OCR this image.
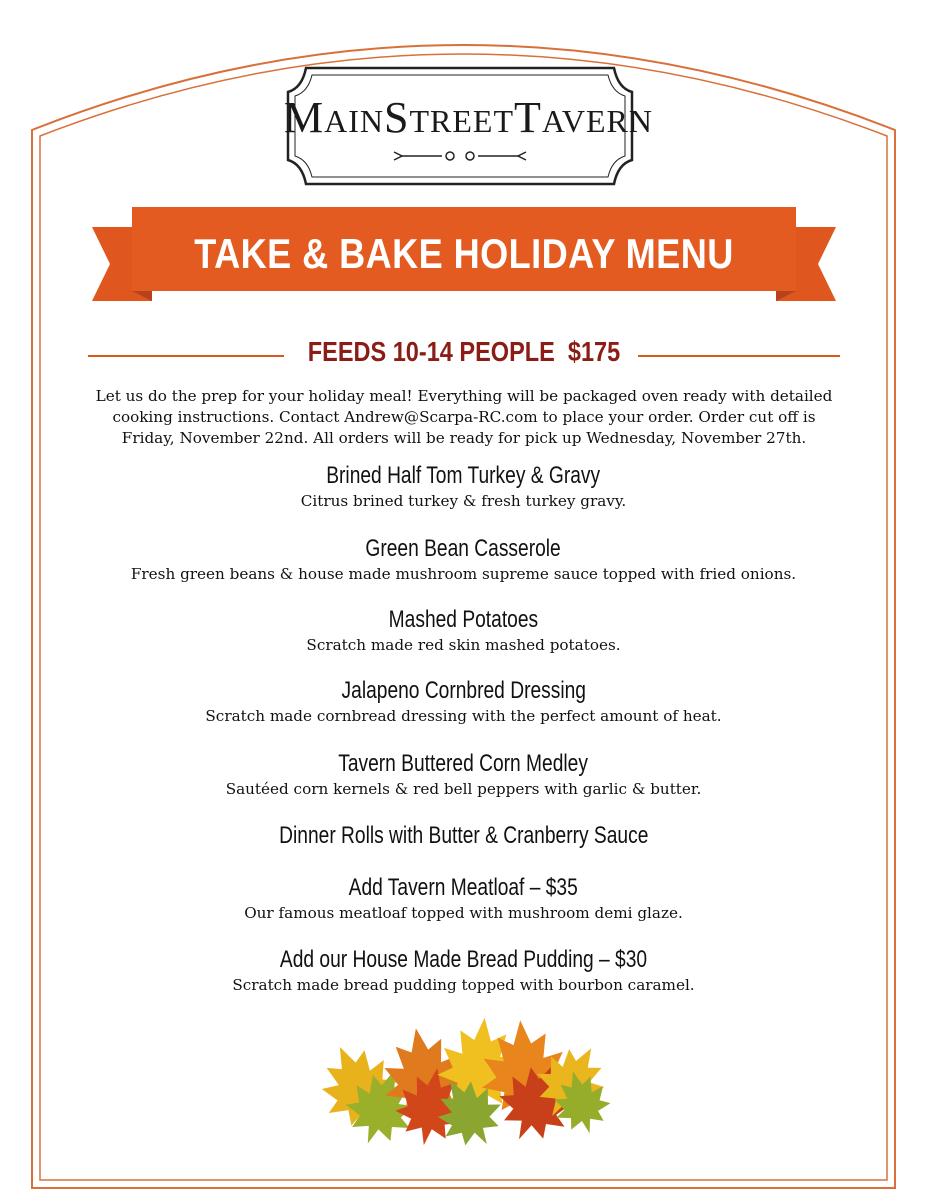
MAINSTREETTAVERN
TAKE & BAKE HOLIDAY MENU
FEEDS 10-14 PEOPLE $175
Let us do the prep for your holiday meal! Everything will be packaged oven ready with detailed cooking instructions. Contact Andrew@Scarpa-RC.com to place your order. Order cut off is Friday, November 22nd. All orders will be ready for pick up Wednesday, November 27th.
Brined Half Tom Turkey & Gravy
Citrus brined turkey & fresh turkey gravy.
Green Bean Casserole
Fresh green beans & house made mushroom supreme sauce topped with fried onions.
Mashed Potatoes
Scratch made red skin mashed potatoes.
Jalapeno Cornbred Dressing
Scratch made cornbread dressing with the perfect amount of heat.
Tavern Buttered Corn Medley
Sautéed corn kernels & red bell peppers with garlic & butter.
Dinner Rolls with Butter & Cranberry Sauce
Add Tavern Meatloaf – $35
Our famous meatloaf topped with mushroom demi glaze.
Add our House Made Bread Pudding – $30
Scratch made bread pudding topped with bourbon caramel.
